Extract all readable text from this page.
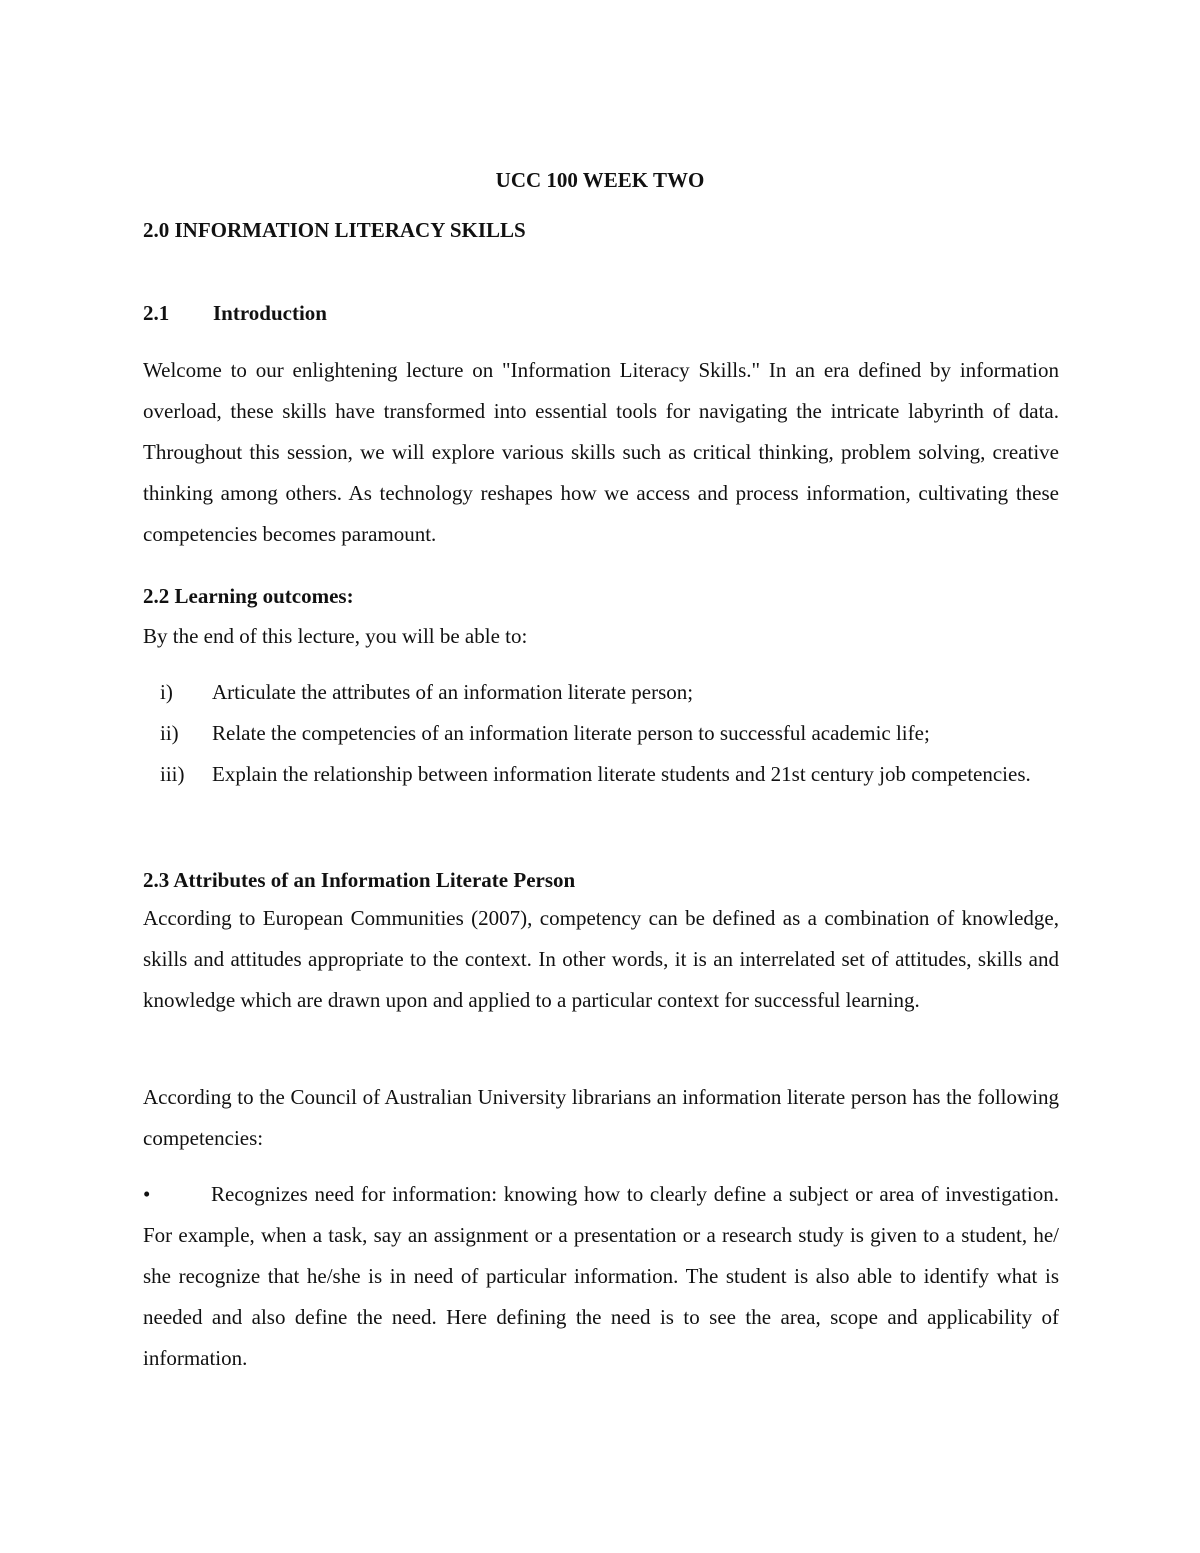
UCC 100 WEEK TWO

2.0 INFORMATION LITERACY SKILLS

2.1 Introduction

Welcome to our enlightening lecture on "Information Literacy Skills." In an era defined by information overload, these skills have transformed into essential tools for navigating the intricate labyrinth of data. Throughout this session, we will explore various skills such as critical thinking, problem solving, creative thinking among others. As technology reshapes how we access and process information, cultivating these competencies becomes paramount.

2.2 Learning outcomes:

By the end of this lecture, you will be able to:

i) Articulate the attributes of an information literate person;
ii) Relate the competencies of an information literate person to successful academic life;
iii) Explain the relationship between information literate students and 21st century job competencies.

2.3 Attributes of an Information Literate Person

According to European Communities (2007), competency can be defined as a combination of knowledge, skills and attitudes appropriate to the context. In other words, it is an interrelated set of attitudes, skills and knowledge which are drawn upon and applied to a particular context for successful learning.

According to the Council of Australian University librarians an information literate person has the following competencies:

•	Recognizes need for information: knowing how to clearly define a subject or area of investigation. For example, when a task, say an assignment or a presentation or a research study is given to a student, he/ she recognize that he/she is in need of particular information. The student is also able to identify what is needed and also define the need. Here defining the need is to see the area, scope and applicability of information.
